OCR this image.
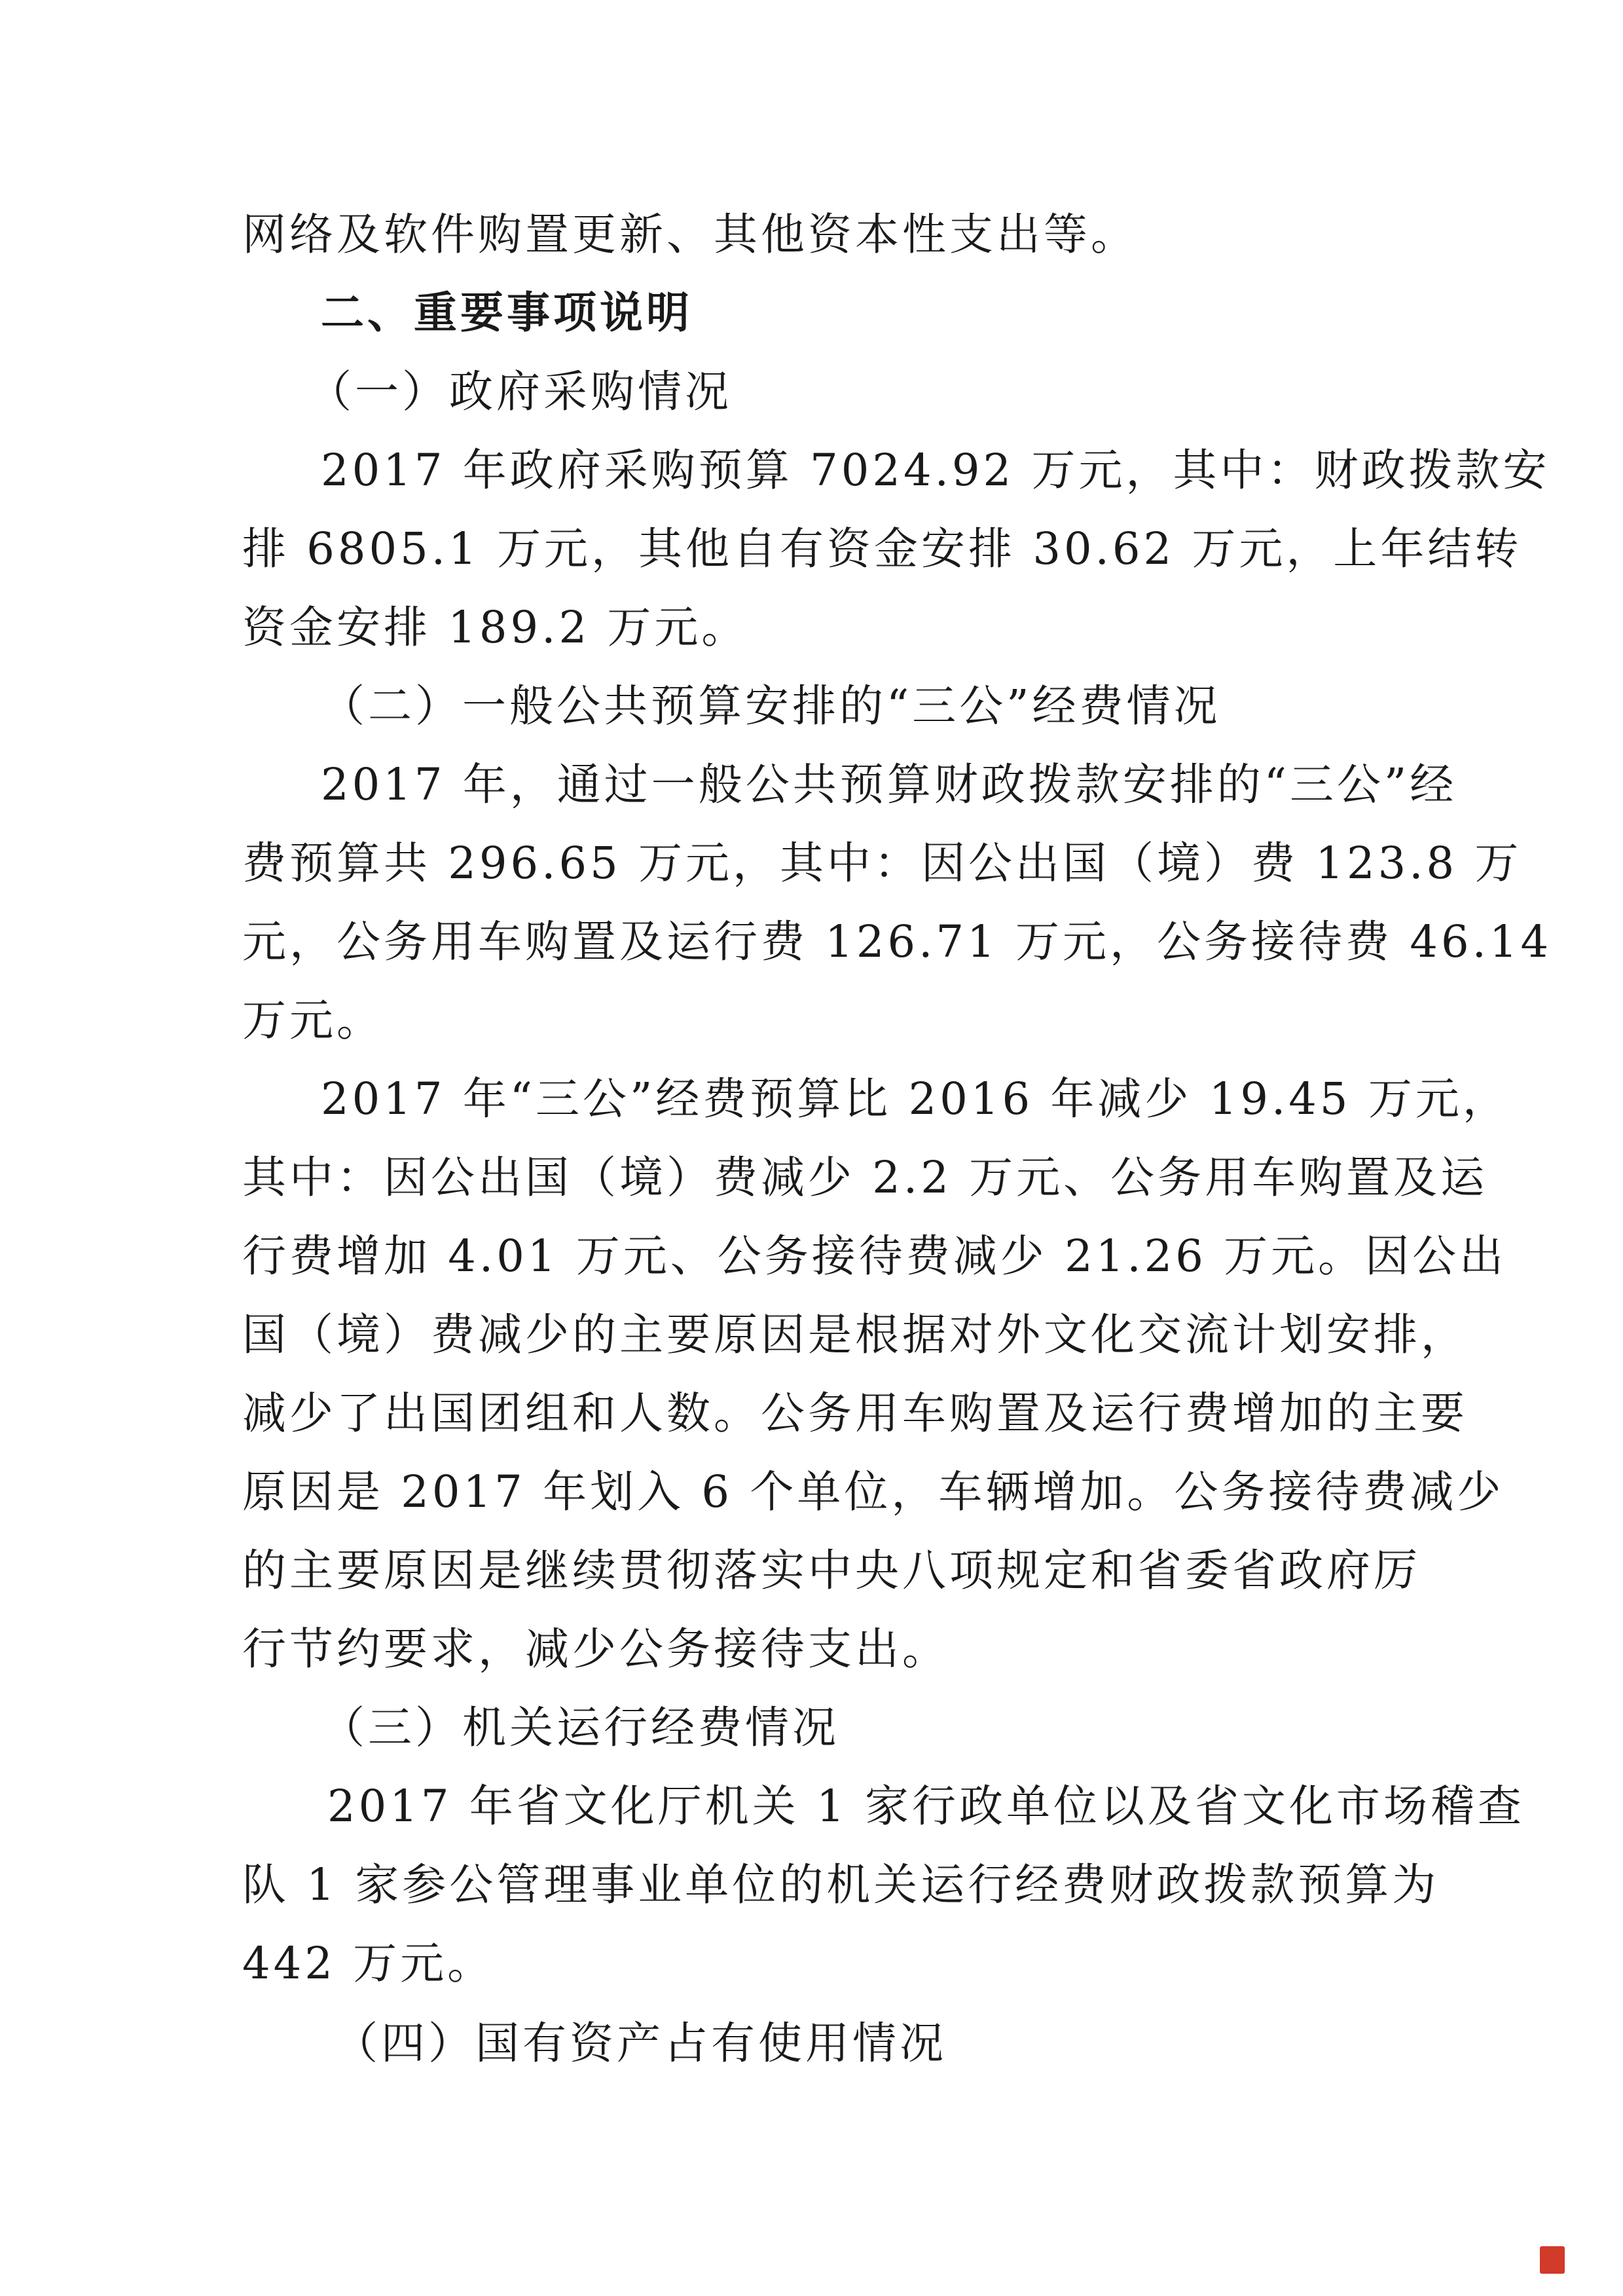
网络及软件购置更新、其他资本性支出等。
二、重要事项说明
（一）政府采购情况
2017 年政府采购预算 7024.92 万元，其中：财政拨款安
排 6805.1 万元，其他自有资金安排 30.62 万元，上年结转
资金安排 189.2 万元。
（二）一般公共预算安排的“三公”经费情况
2017 年，通过一般公共预算财政拨款安排的“三公”经
费预算共 296.65 万元，其中：因公出国（境）费 123.8 万
元，公务用车购置及运行费 126.71 万元，公务接待费 46.14
万元。
2017 年“三公”经费预算比 2016 年减少 19.45 万元，
其中：因公出国（境）费减少 2.2 万元、公务用车购置及运
行费增加 4.01 万元、公务接待费减少 21.26 万元。因公出
国（境）费减少的主要原因是根据对外文化交流计划安排，
减少了出国团组和人数。公务用车购置及运行费增加的主要
原因是 2017 年划入 6 个单位，车辆增加。公务接待费减少
的主要原因是继续贯彻落实中央八项规定和省委省政府厉
行节约要求，减少公务接待支出。
（三）机关运行经费情况
2017 年省文化厅机关 1 家行政单位以及省文化市场稽查
队 1 家参公管理事业单位的机关运行经费财政拨款预算为
442 万元。
（四）国有资产占有使用情况
